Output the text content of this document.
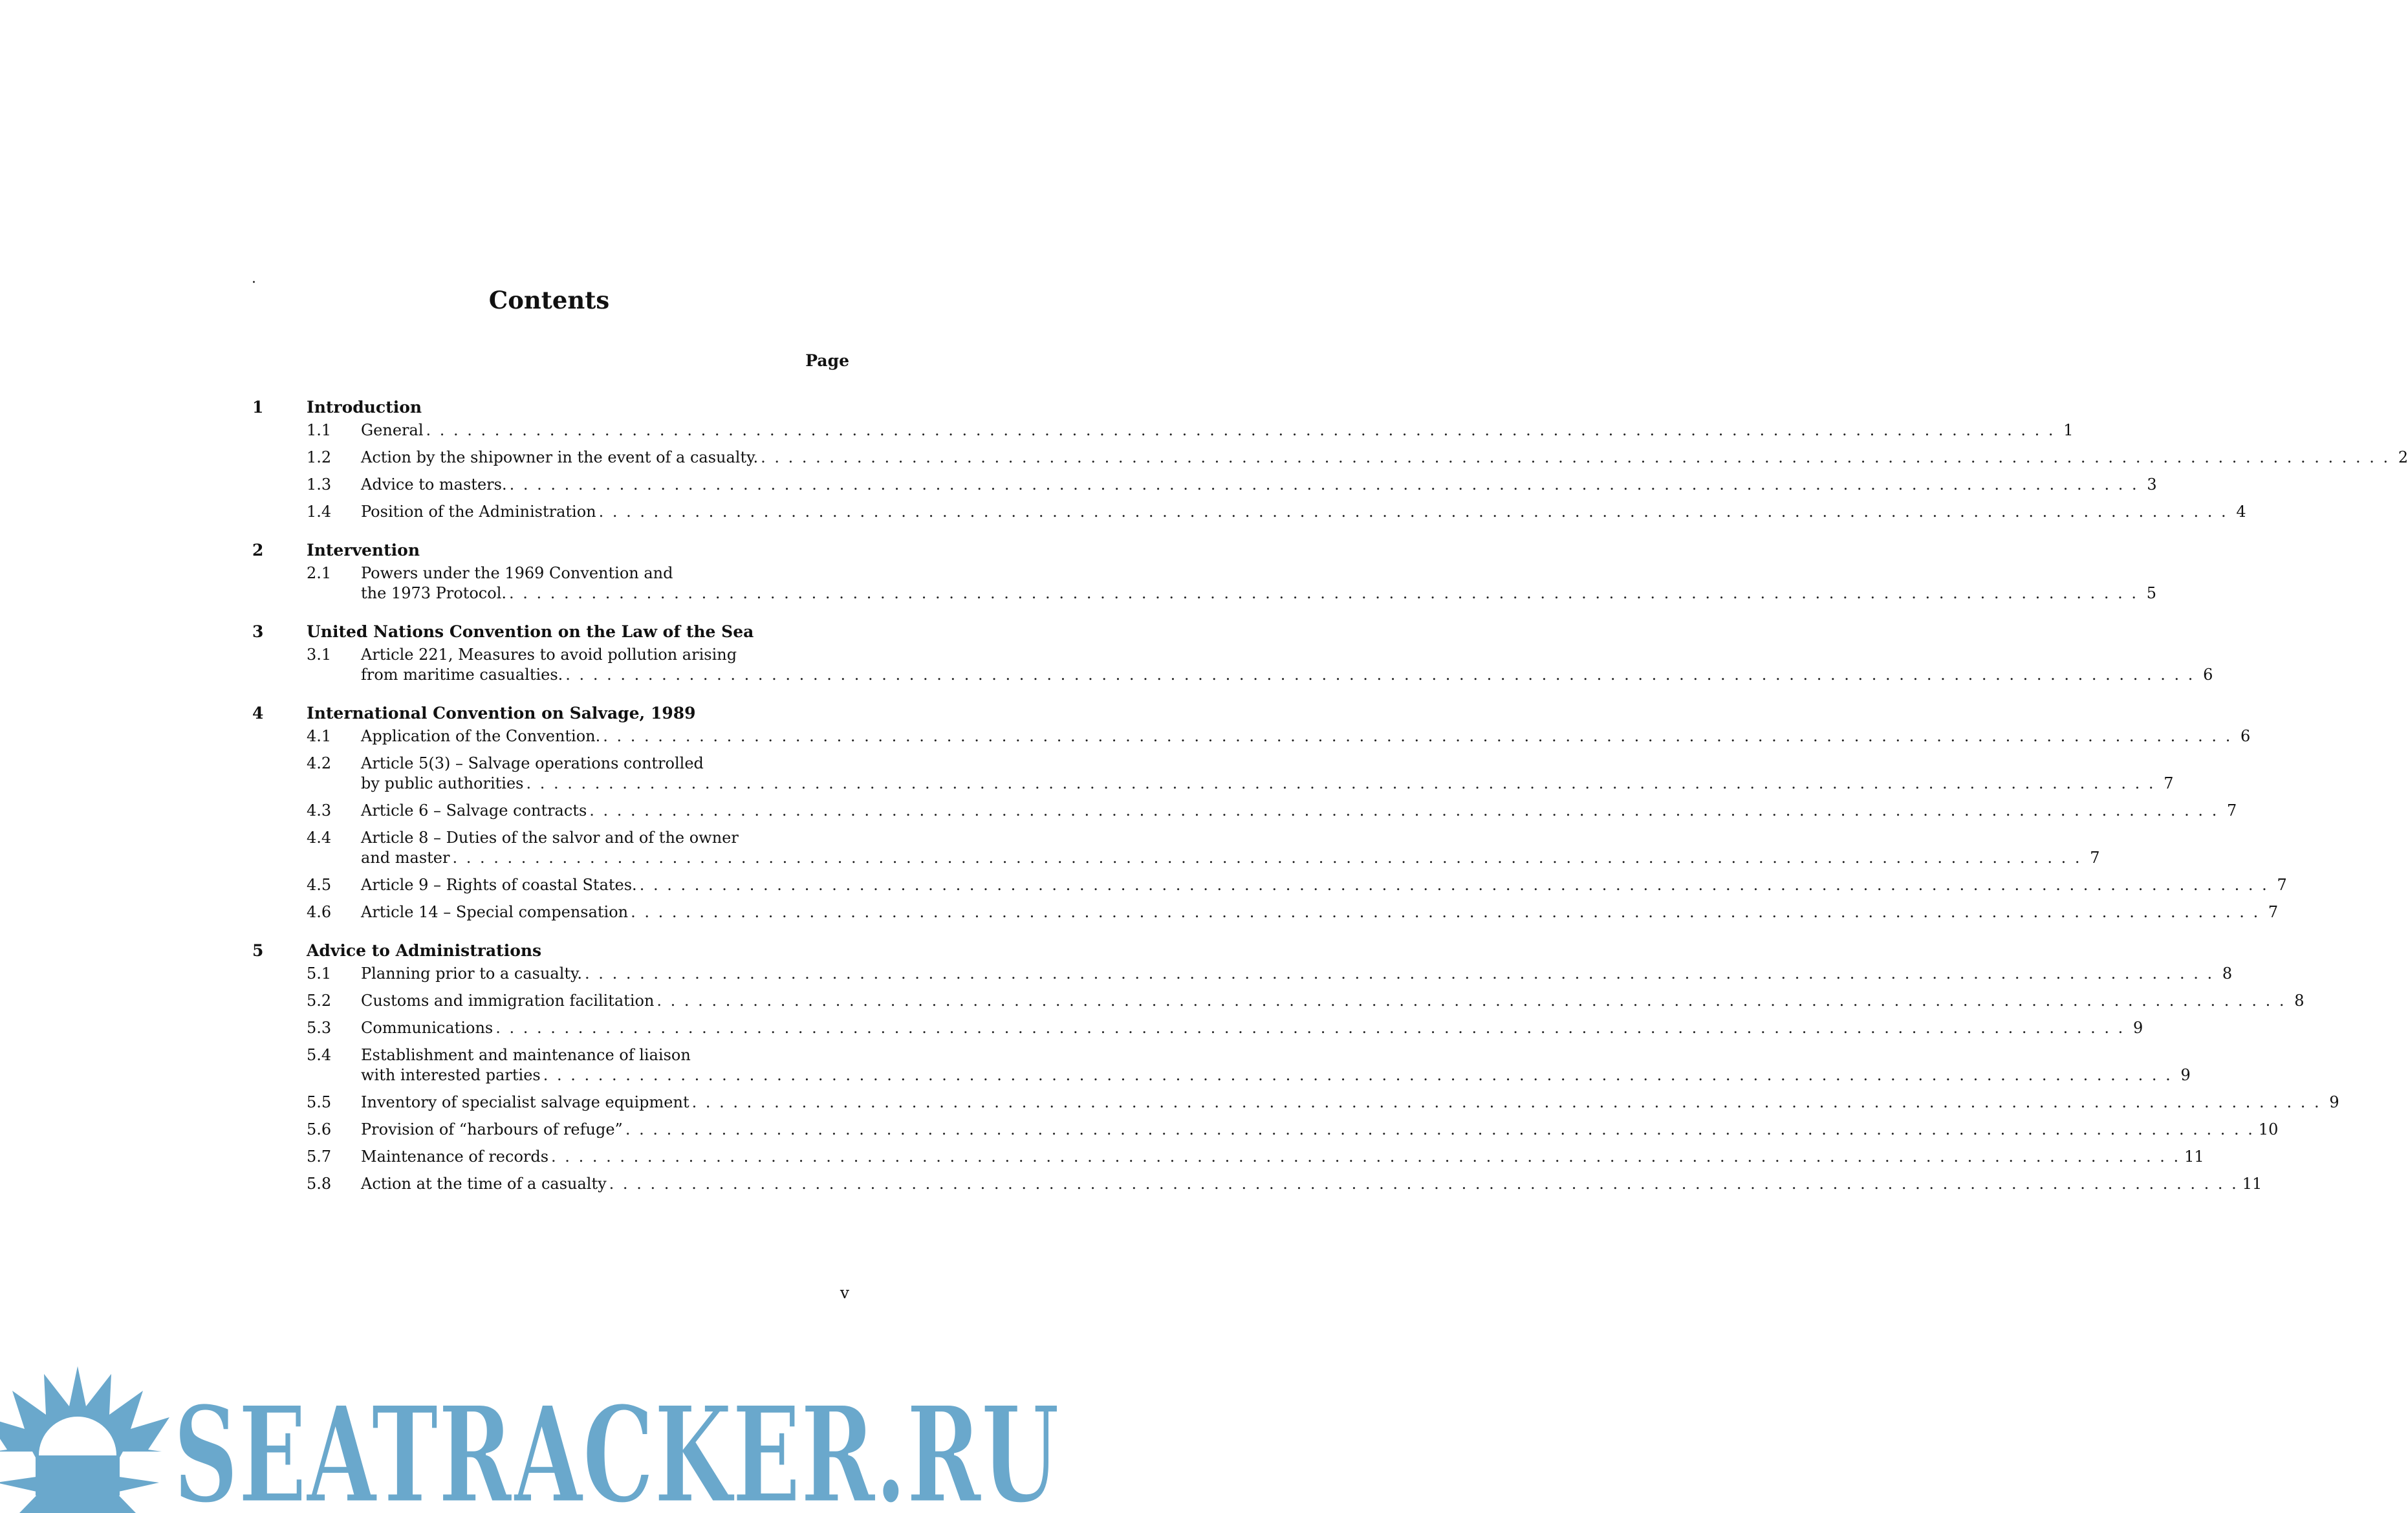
.
Contents
Page
1	Introduction
1.1	General . . .	1
1.2	Action by the shipowner in the event of a casualty. . . .	2
1.3	Advice to masters. . . .	3
1.4	Position of the Administration . . .	4
2	Intervention
2.1	Powers under the 1969 Convention and
the 1973 Protocol. . . .	5
3	United Nations Convention on the Law of the Sea
3.1	Article 221, Measures to avoid pollution arising
from maritime casualties. . . .	6
4	International Convention on Salvage, 1989
4.1	Application of the Convention. . . .	6
4.2	Article 5(3) – Salvage operations controlled
by public authorities . . .	7
4.3	Article 6 – Salvage contracts . . .	7
4.4	Article 8 – Duties of the salvor and of the owner
and master . . .	7
4.5	Article 9 – Rights of coastal States. . . .	7
4.6	Article 14 – Special compensation . . .	7
5	Advice to Administrations
5.1	Planning prior to a casualty. . . .	8
5.2	Customs and immigration facilitation . . .	8
5.3	Communications . . .	9
5.4	Establishment and maintenance of liaison
with interested parties . . .	9
5.5	Inventory of specialist salvage equipment . . .	9
5.6	Provision of “harbours of refuge” . . .	10
5.7	Maintenance of records . . .	11
5.8	Action at the time of a casualty . . .	11
v
SEATRACKER.RU
